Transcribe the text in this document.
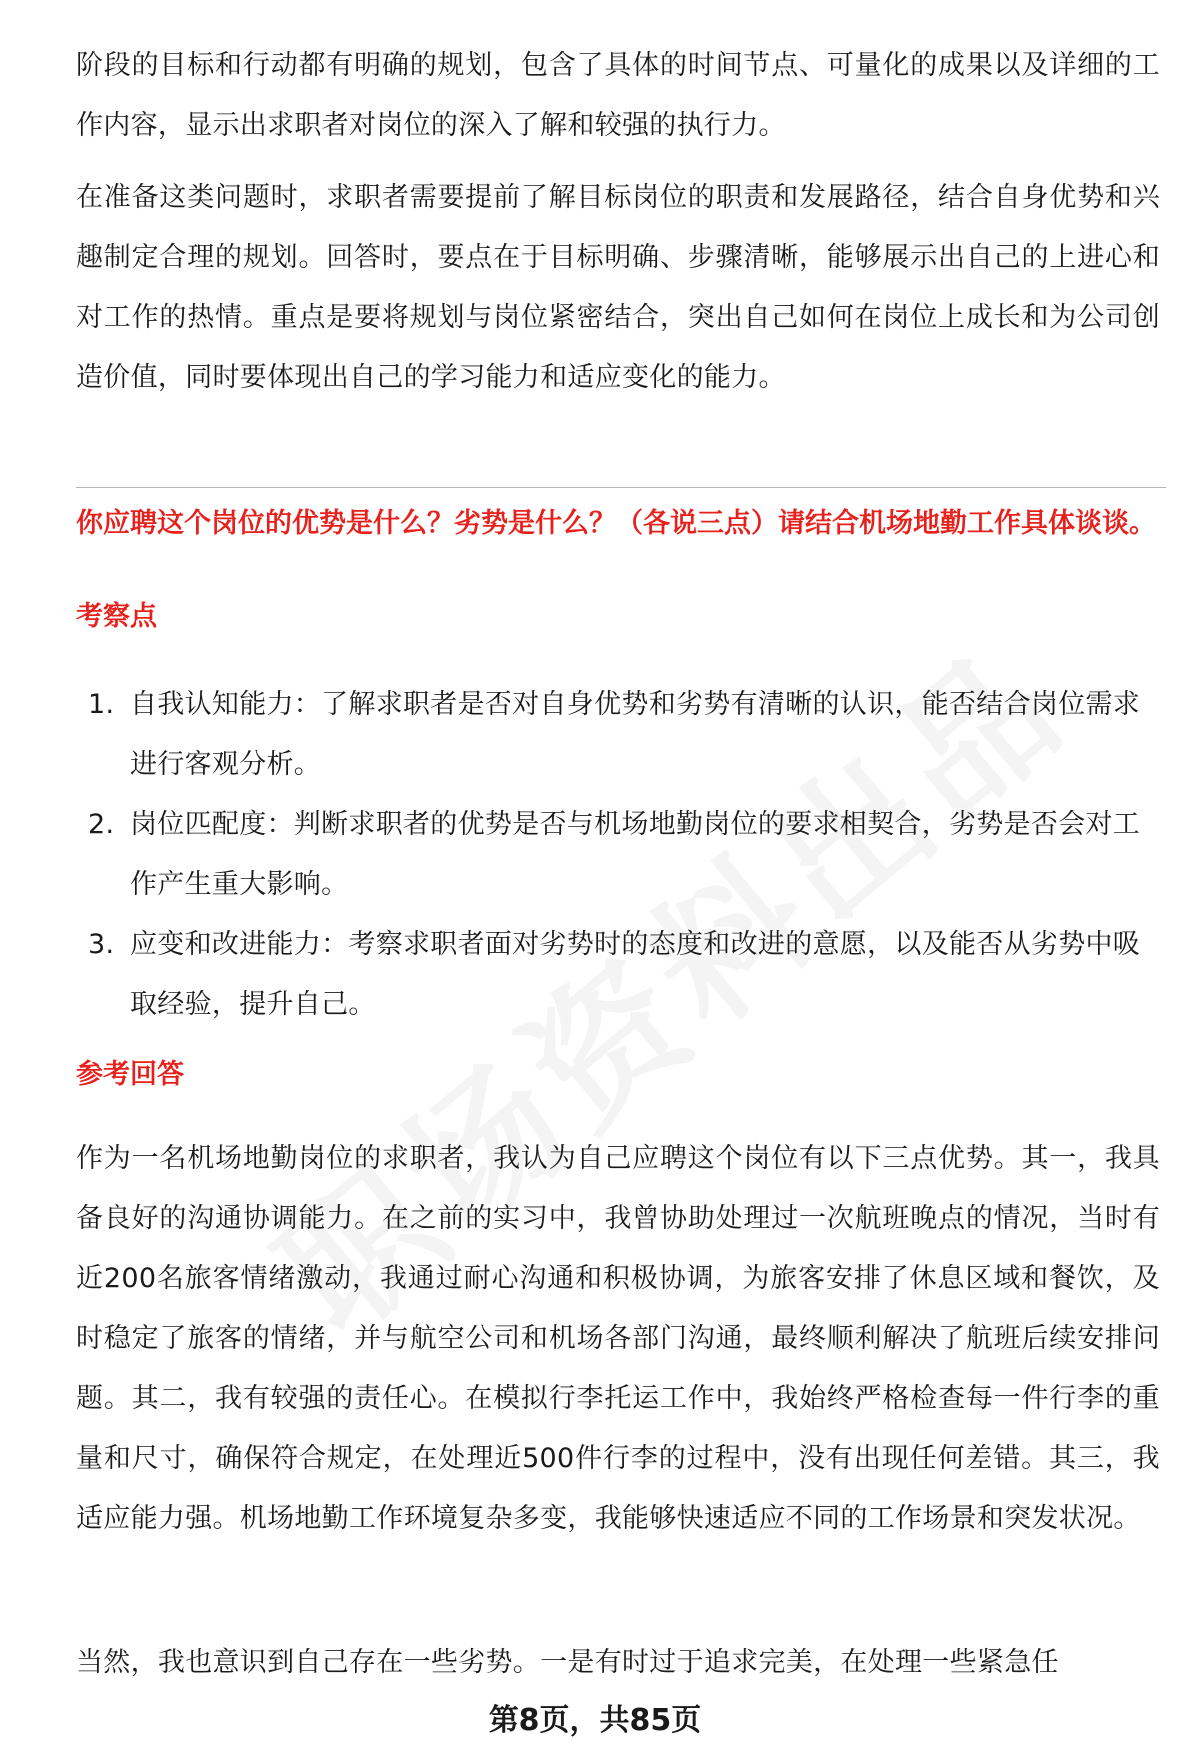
阶段的目标和行动都有明确的规划，包含了具体的时间节点、可量化的成果以及详细的工作内容，显示出求职者对岗位的深入了解和较强的执行力。

在准备这类问题时，求职者需要提前了解目标岗位的职责和发展路径，结合自身优势和兴趣制定合理的规划。回答时，要点在于目标明确、步骤清晰，能够展示出自己的上进心和对工作的热情。重点是要将规划与岗位紧密结合，突出自己如何在岗位上成长和为公司创造价值，同时要体现出自己的学习能力和适应变化的能力。

你应聘这个岗位的优势是什么？劣势是什么？（各说三点）请结合机场地勤工作具体谈谈。

考察点

1. 自我认知能力：了解求职者是否对自身优势和劣势有清晰的认识，能否结合岗位需求进行客观分析。
2. 岗位匹配度：判断求职者的优势是否与机场地勤岗位的要求相契合，劣势是否会对工作产生重大影响。
3. 应变和改进能力：考察求职者面对劣势时的态度和改进的意愿，以及能否从劣势中吸取经验，提升自己。

参考回答

作为一名机场地勤岗位的求职者，我认为自己应聘这个岗位有以下三点优势。其一，我具备良好的沟通协调能力。在之前的实习中，我曾协助处理过一次航班晚点的情况，当时有近200名旅客情绪激动，我通过耐心沟通和积极协调，为旅客安排了休息区域和餐饮，及时稳定了旅客的情绪，并与航空公司和机场各部门沟通，最终顺利解决了航班后续安排问题。其二，我有较强的责任心。在模拟行李托运工作中，我始终严格检查每一件行李的重量和尺寸，确保符合规定，在处理近500件行李的过程中，没有出现任何差错。其三，我适应能力强。机场地勤工作环境复杂多变，我能够快速适应不同的工作场景和突发状况。

当然，我也意识到自己存在一些劣势。一是有时过于追求完美，在处理一些紧急任

第8页，共85页
